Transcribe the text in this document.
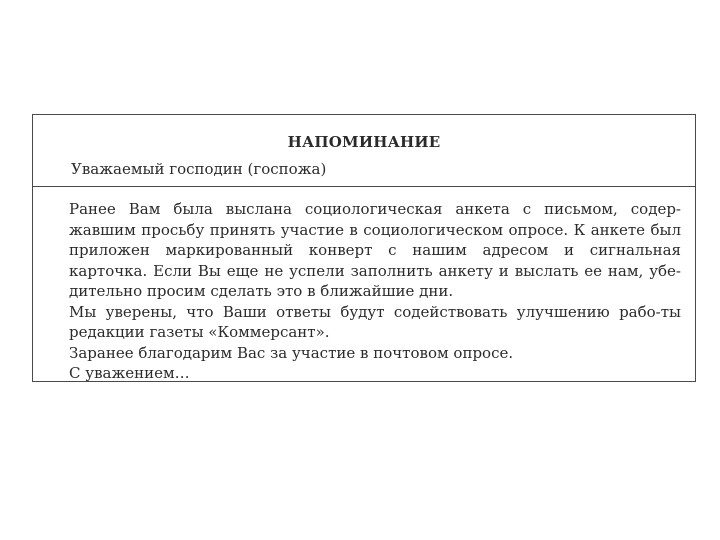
НАПОМИНАНИЕ
Уважаемый господин (госпожа)

Ранее Вам была выслана социологическая анкета с письмом, содер-жавшим просьбу принять участие в социологическом опросе. К анкете был приложен маркированный конверт с нашим адресом и сигнальная карточка. Если Вы еще не успели заполнить анкету и выслать ее нам, убе-дительно просим сделать это в ближайшие дни.

Мы уверены, что Ваши ответы будут содействовать улучшению рабо-ты редакции газеты «Коммерсант».

Заранее благодарим Вас за участие в почтовом опросе.

С уважением…
